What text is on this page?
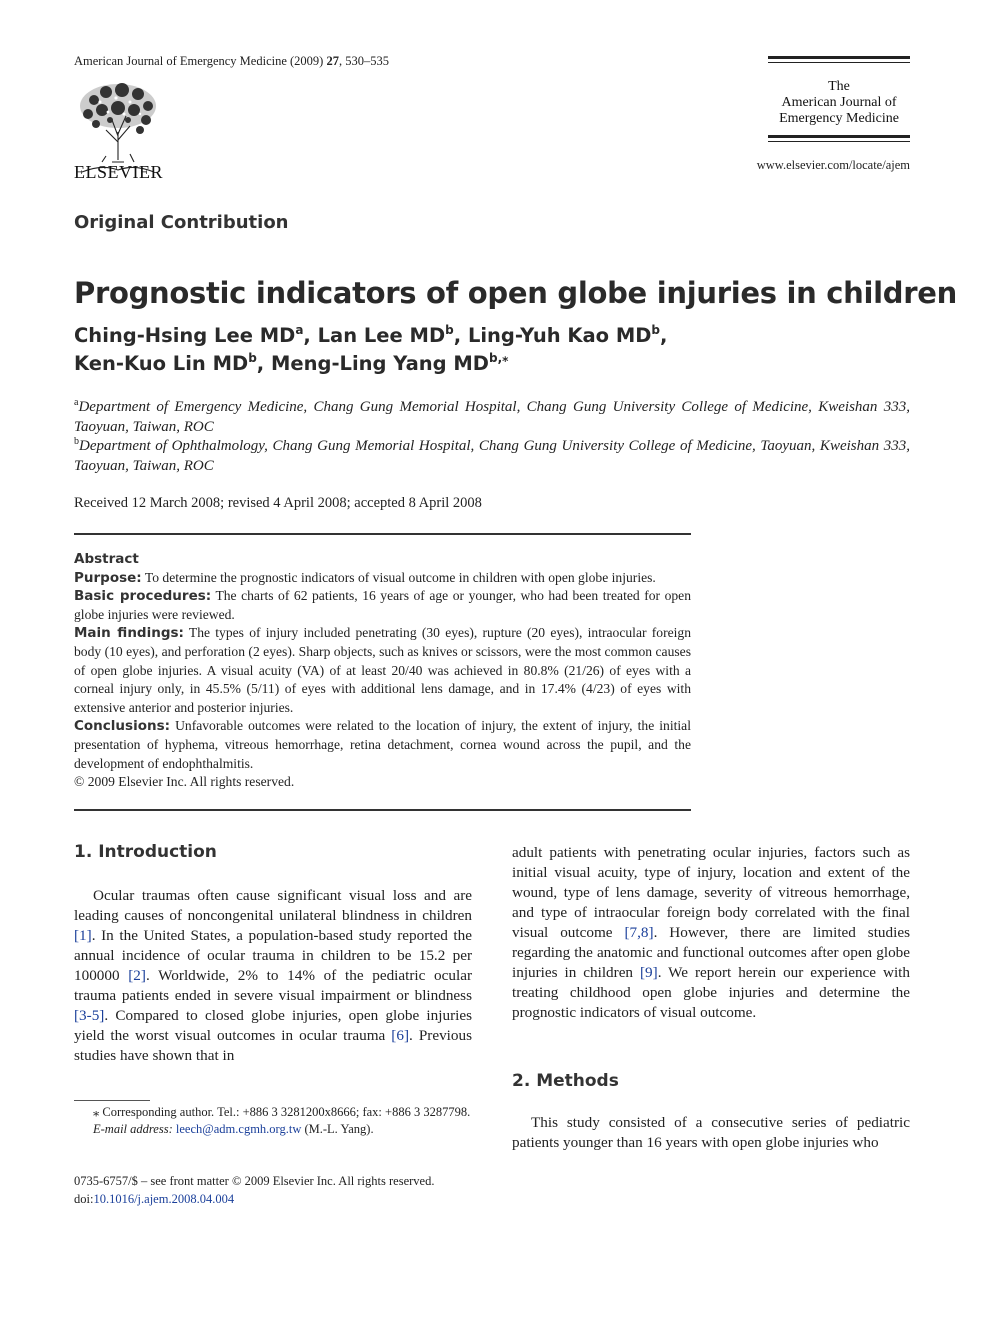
American Journal of Emergency Medicine (2009) 27, 530–535
ELSEVIER
The
American Journal of
Emergency Medicine
www.elsevier.com/locate/ajem
Original Contribution
Prognostic indicators of open globe injuries in children
Ching-Hsing Lee $MD^a$, Lan Lee $MD^b$, Ling-Yuh Kao $MD^b$,
Ken-Kuo Lin $MD^b$, Meng-Ling Yang $MD^{b,⁎}$
$^a$Department of Emergency Medicine, Chang Gung Memorial Hospital, Chang Gung University College of Medicine, Kweishan 333, Taoyuan, Taiwan, ROC
$^b$Department of Ophthalmology, Chang Gung Memorial Hospital, Chang Gung University College of Medicine, Taoyuan, Kweishan 333, Taoyuan, Taiwan, ROC
Received 12 March 2008; revised 4 April 2008; accepted 8 April 2008
Abstract

Purpose: To determine the prognostic indicators of visual outcome in children with open globe injuries.

Basic procedures: The charts of 62 patients, 16 years of age or younger, who had been treated for open globe injuries were reviewed.

Main findings: The types of injury included penetrating (30 eyes), rupture (20 eyes), intraocular foreign body (10 eyes), and perforation (2 eyes). Sharp objects, such as knives or scissors, were the most common causes of open globe injuries. A visual acuity (VA) of at least 20/40 was achieved in 80.8% (21/26) of eyes with a corneal injury only, in 45.5% (5/11) of eyes with additional lens damage, and in 17.4% (4/23) of eyes with extensive anterior and posterior injuries.

Conclusions: Unfavorable outcomes were related to the location of injury, the extent of injury, the initial presentation of hyphema, vitreous hemorrhage, retina detachment, cornea wound across the pupil, and the development of endophthalmitis.

© 2009 Elsevier Inc. All rights reserved.

1. Introduction

Ocular traumas often cause significant visual loss and are leading causes of noncongenital unilateral blindness in children [1]. In the United States, a population-based study reported the annual incidence of ocular trauma in children to be 15.2 per 100000 [2]. Worldwide, 2% to 14% of the pediatric ocular trauma patients ended in severe visual impairment or blindness [3-5]. Compared to closed globe injuries, open globe injuries yield the worst visual outcomes in ocular trauma [6]. Previous studies have shown that in

⁎ Corresponding author. Tel.: +886 3 3281200x8666; fax: +886 3 3287798.
E-mail address: leech@adm.cgmh.org.tw (M.-L. Yang).
0735-6757/$ – see front matter © 2009 Elsevier Inc. All rights reserved.
doi:10.1016/j.ajem.2008.04.004

adult patients with penetrating ocular injuries, factors such as initial visual acuity, type of injury, location and extent of the wound, type of lens damage, severity of vitreous hemorrhage, and type of intraocular foreign body correlated with the final visual outcome [7,8]. However, there are limited studies regarding the anatomic and functional outcomes after open globe injuries in children [9]. We report herein our experience with treating childhood open globe injuries and determine the prognostic indicators of visual outcome.

2. Methods

This study consisted of a consecutive series of pediatric patients younger than 16 years with open globe injuries who
